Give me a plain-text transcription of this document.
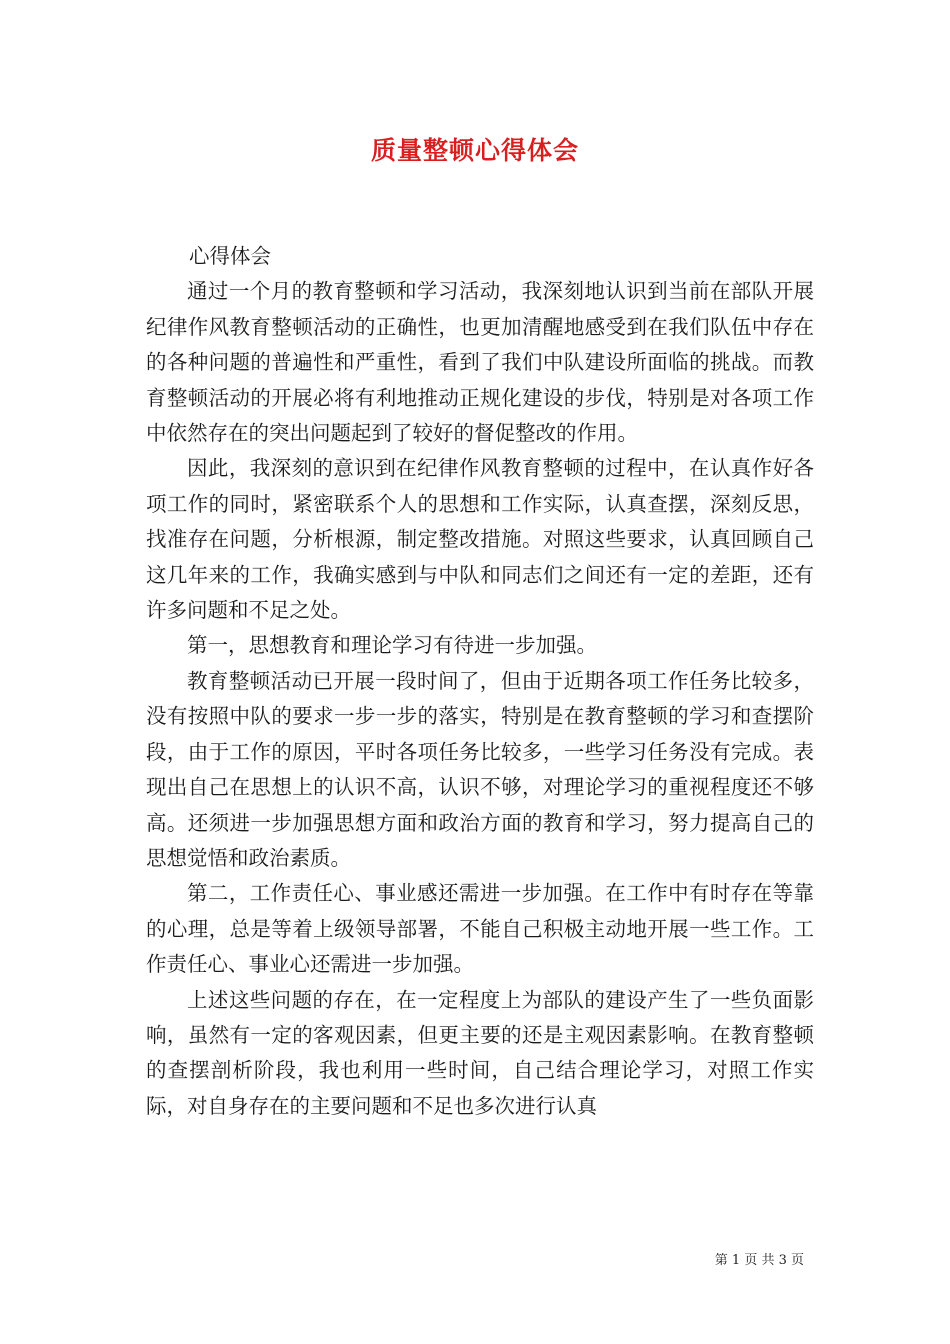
质量整顿心得体会

心得体会

通过一个月的教育整顿和学习活动，我深刻地认识到当前在部队开展纪律作风教育整顿活动的正确性，也更加清醒地感受到在我们队伍中存在的各种问题的普遍性和严重性，看到了我们中队建设所面临的挑战。而教育整顿活动的开展必将有利地推动正规化建设的步伐，特别是对各项工作中依然存在的突出问题起到了较好的督促整改的作用。

因此，我深刻的意识到在纪律作风教育整顿的过程中，在认真作好各项工作的同时，紧密联系个人的思想和工作实际，认真查摆，深刻反思，找准存在问题，分析根源，制定整改措施。对照这些要求，认真回顾自己这几年来的工作，我确实感到与中队和同志们之间还有一定的差距，还有许多问题和不足之处。

第一，思想教育和理论学习有待进一步加强。

教育整顿活动已开展一段时间了，但由于近期各项工作任务比较多，没有按照中队的要求一步一步的落实，特别是在教育整顿的学习和查摆阶段，由于工作的原因，平时各项任务比较多，一些学习任务没有完成。表现出自己在思想上的认识不高，认识不够，对理论学习的重视程度还不够高。还须进一步加强思想方面和政治方面的教育和学习，努力提高自己的思想觉悟和政治素质。

第二，工作责任心、事业感还需进一步加强。在工作中有时存在等靠的心理，总是等着上级领导部署，不能自己积极主动地开展一些工作。工作责任心、事业心还需进一步加强。

上述这些问题的存在，在一定程度上为部队的建设产生了一些负面影响，虽然有一定的客观因素，但更主要的还是主观因素影响。在教育整顿的查摆剖析阶段，我也利用一些时间，自己结合理论学习，对照工作实际，对自身存在的主要问题和不足也多次进行认真

第 1 页 共 3 页
